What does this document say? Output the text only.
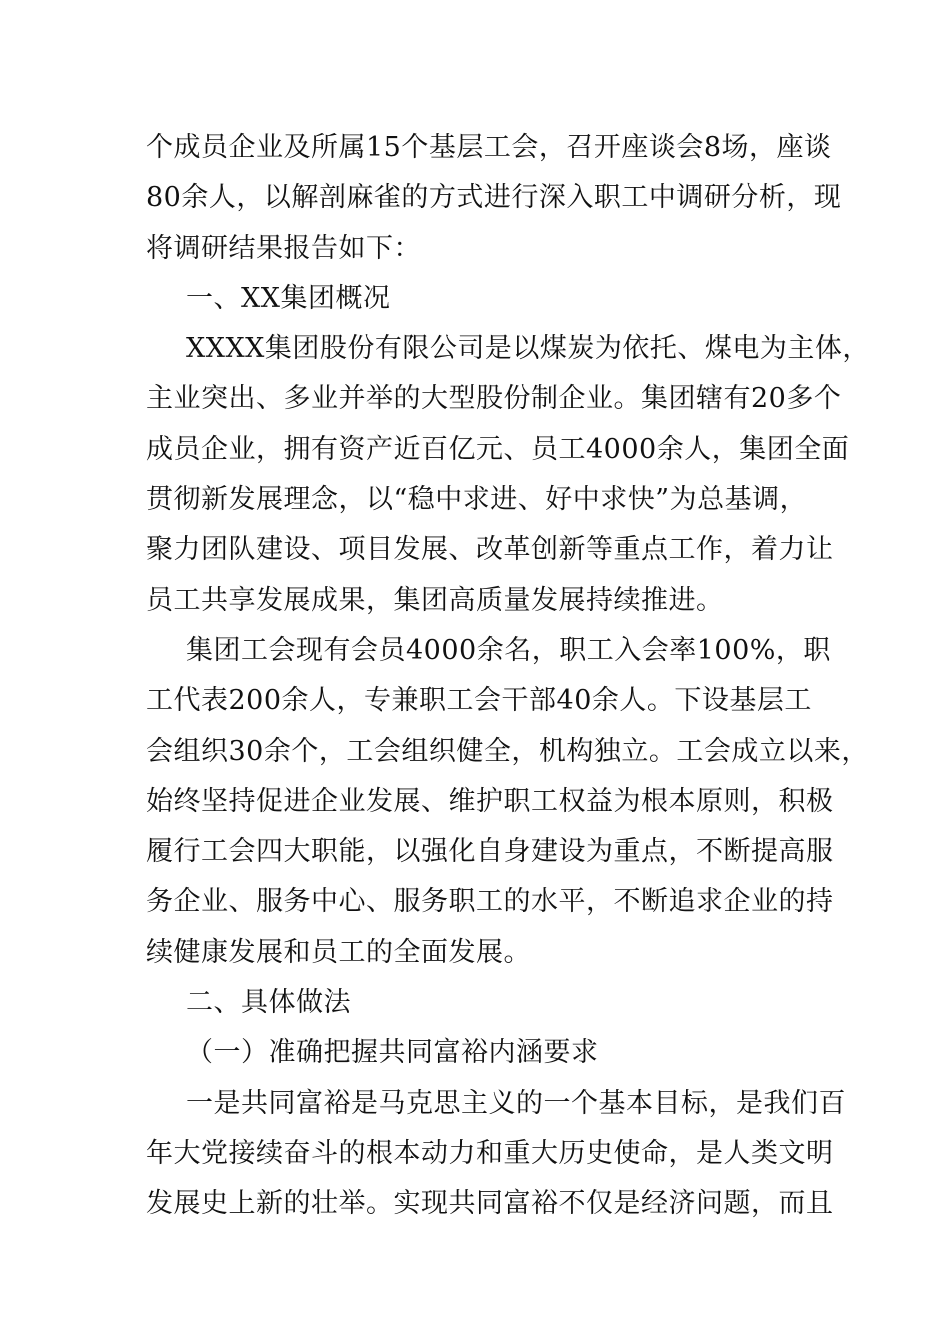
个成员企业及所属15个基层工会，召开座谈会8场，座谈
80余人，以解剖麻雀的方式进行深入职工中调研分析，现
将调研结果报告如下：
一、XX集团概况
XXXX集团股份有限公司是以煤炭为依托、煤电为主体，
主业突出、多业并举的大型股份制企业。集团辖有20多个
成员企业，拥有资产近百亿元、员工4000余人，集团全面
贯彻新发展理念，以“稳中求进、好中求快”为总基调，
聚力团队建设、项目发展、改革创新等重点工作，着力让
员工共享发展成果，集团高质量发展持续推进。
集团工会现有会员4000余名，职工入会率100%，职
工代表200余人，专兼职工会干部40余人。下设基层工
会组织30余个，工会组织健全，机构独立。工会成立以来，
始终坚持促进企业发展、维护职工权益为根本原则，积极
履行工会四大职能，以强化自身建设为重点，不断提高服
务企业、服务中心、服务职工的水平，不断追求企业的持
续健康发展和员工的全面发展。
二、具体做法
（一）准确把握共同富裕内涵要求
一是共同富裕是马克思主义的一个基本目标，是我们百
年大党接续奋斗的根本动力和重大历史使命，是人类文明
发展史上新的壮举。实现共同富裕不仅是经济问题，而且
